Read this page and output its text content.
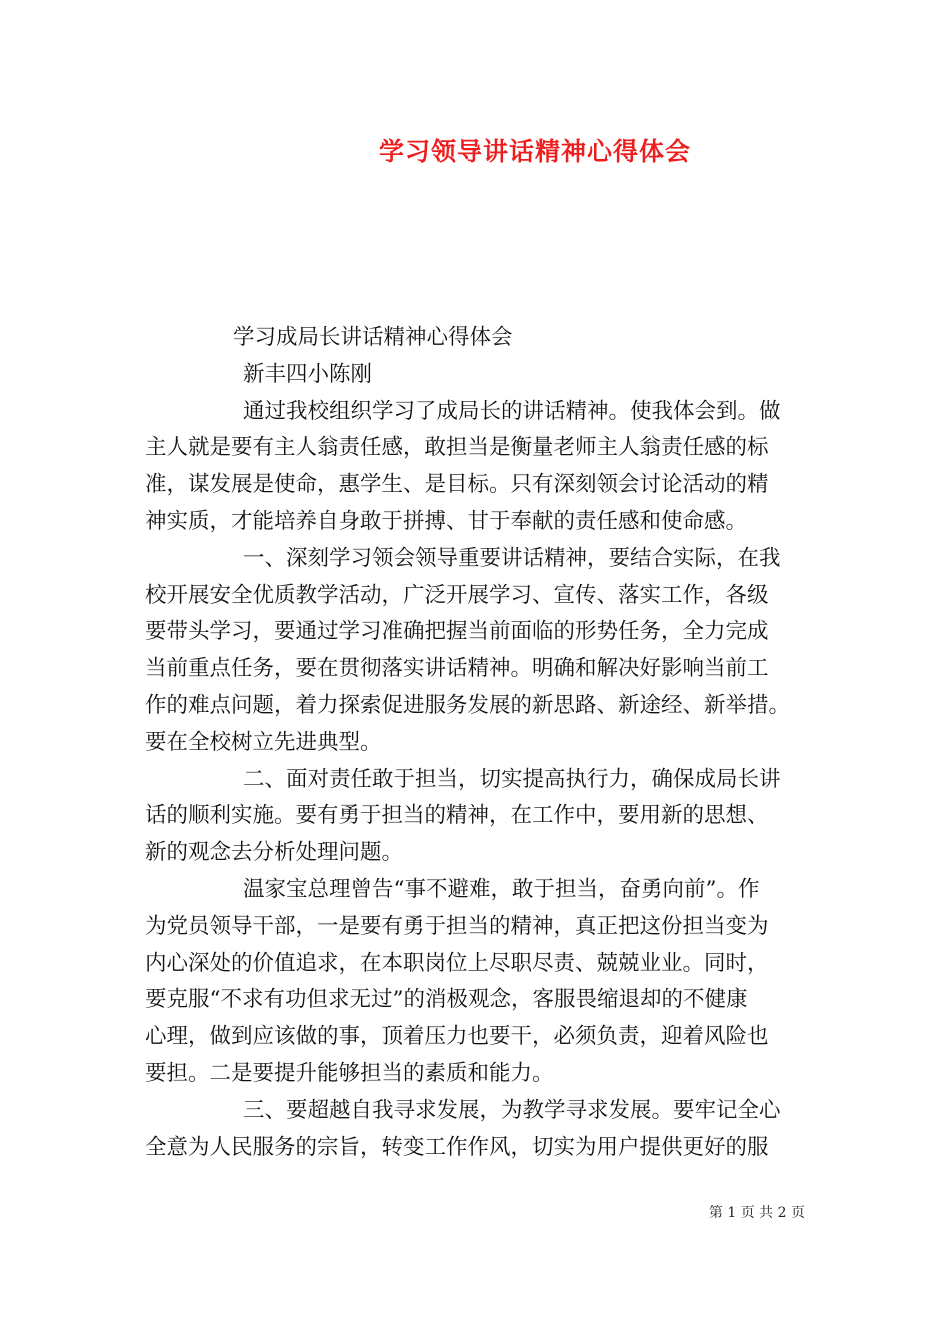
学习领导讲话精神心得体会
学习成局长讲话精神心得体会
新丰四小陈刚
通过我校组织学习了成局长的讲话精神。使我体会到。做
主人就是要有主人翁责任感，敢担当是衡量老师主人翁责任感的标
准，谋发展是使命，惠学生、是目标。只有深刻领会讨论活动的精
神实质，才能培养自身敢于拼搏、甘于奉献的责任感和使命感。
一、深刻学习领会领导重要讲话精神，要结合实际，在我
校开展安全优质教学活动，广泛开展学习、宣传、落实工作，各级
要带头学习，要通过学习准确把握当前面临的形势任务，全力完成
当前重点任务，要在贯彻落实讲话精神。明确和解决好影响当前工
作的难点问题，着力探索促进服务发展的新思路、新途经、新举措。
要在全校树立先进典型。
二、面对责任敢于担当，切实提高执行力，确保成局长讲
话的顺利实施。要有勇于担当的精神，在工作中，要用新的思想、
新的观念去分析处理问题。
温家宝总理曾告“事不避难，敢于担当，奋勇向前”。作
为党员领导干部，一是要有勇于担当的精神，真正把这份担当变为
内心深处的价值追求，在本职岗位上尽职尽责、兢兢业业。同时，
要克服“不求有功但求无过”的消极观念，客服畏缩退却的不健康
心理，做到应该做的事，顶着压力也要干，必须负责，迎着风险也
要担。二是要提升能够担当的素质和能力。
三、要超越自我寻求发展，为教学寻求发展。要牢记全心
全意为人民服务的宗旨，转变工作作风，切实为用户提供更好的服
第 1 页 共 2 页
